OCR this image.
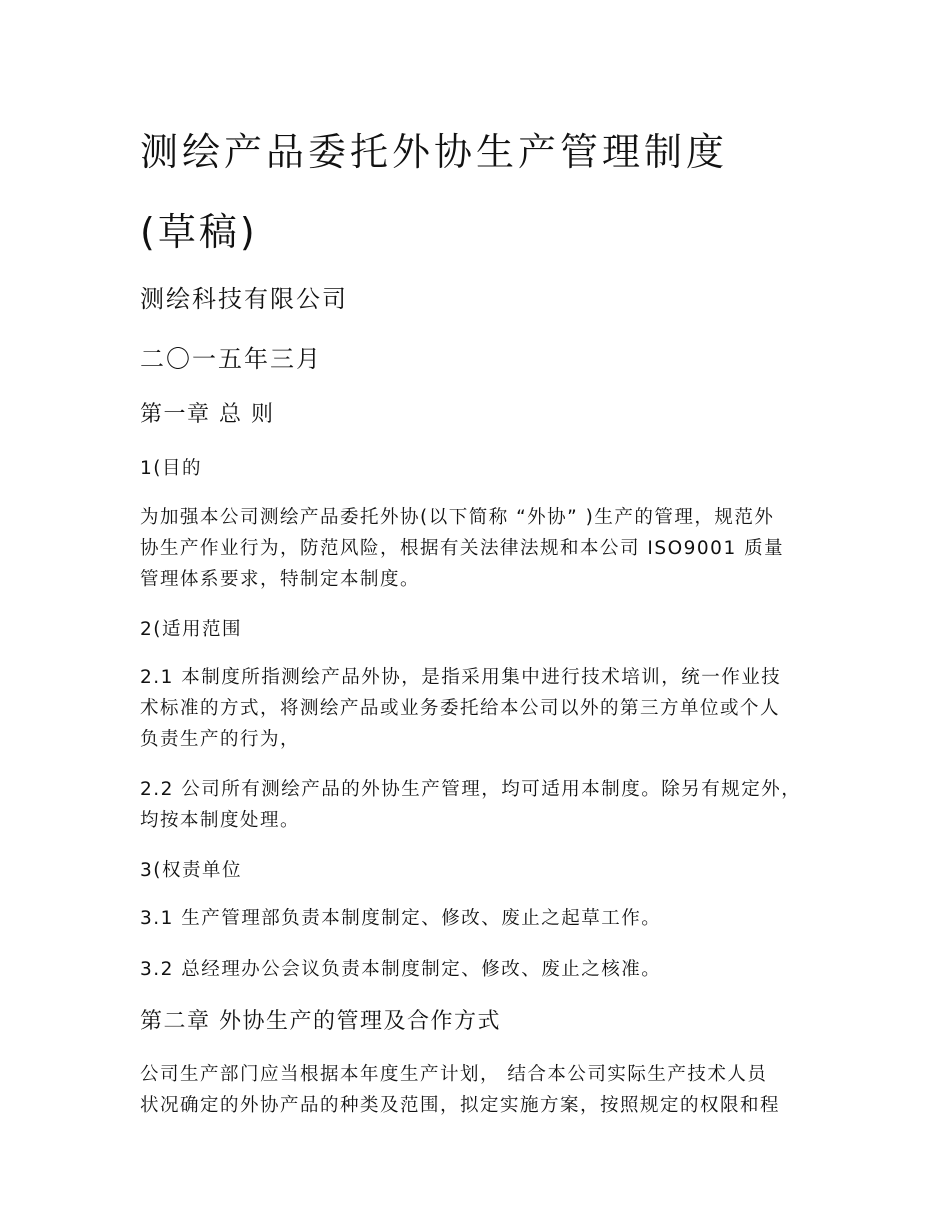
测绘产品委托外协生产管理制度
(草稿)
测绘科技有限公司
二〇一五年三月
第一章 总 则
1(目的
为加强本公司测绘产品委托外协(以下简称 “外协” )生产的管理，规范外
协生产作业行为，防范风险，根据有关法律法规和本公司 ISO9001 质量
管理体系要求，特制定本制度。
2(适用范围
2.1 本制度所指测绘产品外协，是指采用集中进行技术培训，统一作业技
术标准的方式，将测绘产品或业务委托给本公司以外的第三方单位或个人
负责生产的行为，
2.2 公司所有测绘产品的外协生产管理，均可适用本制度。除另有规定外，
均按本制度处理。
3(权责单位
3.1 生产管理部负责本制度制定、修改、废止之起草工作。
3.2 总经理办公会议负责本制度制定、修改、废止之核准。
第二章 外协生产的管理及合作方式
公司生产部门应当根据本年度生产计划， 结合本公司实际生产技术人员
状况确定的外协产品的种类及范围，拟定实施方案，按照规定的权限和程
